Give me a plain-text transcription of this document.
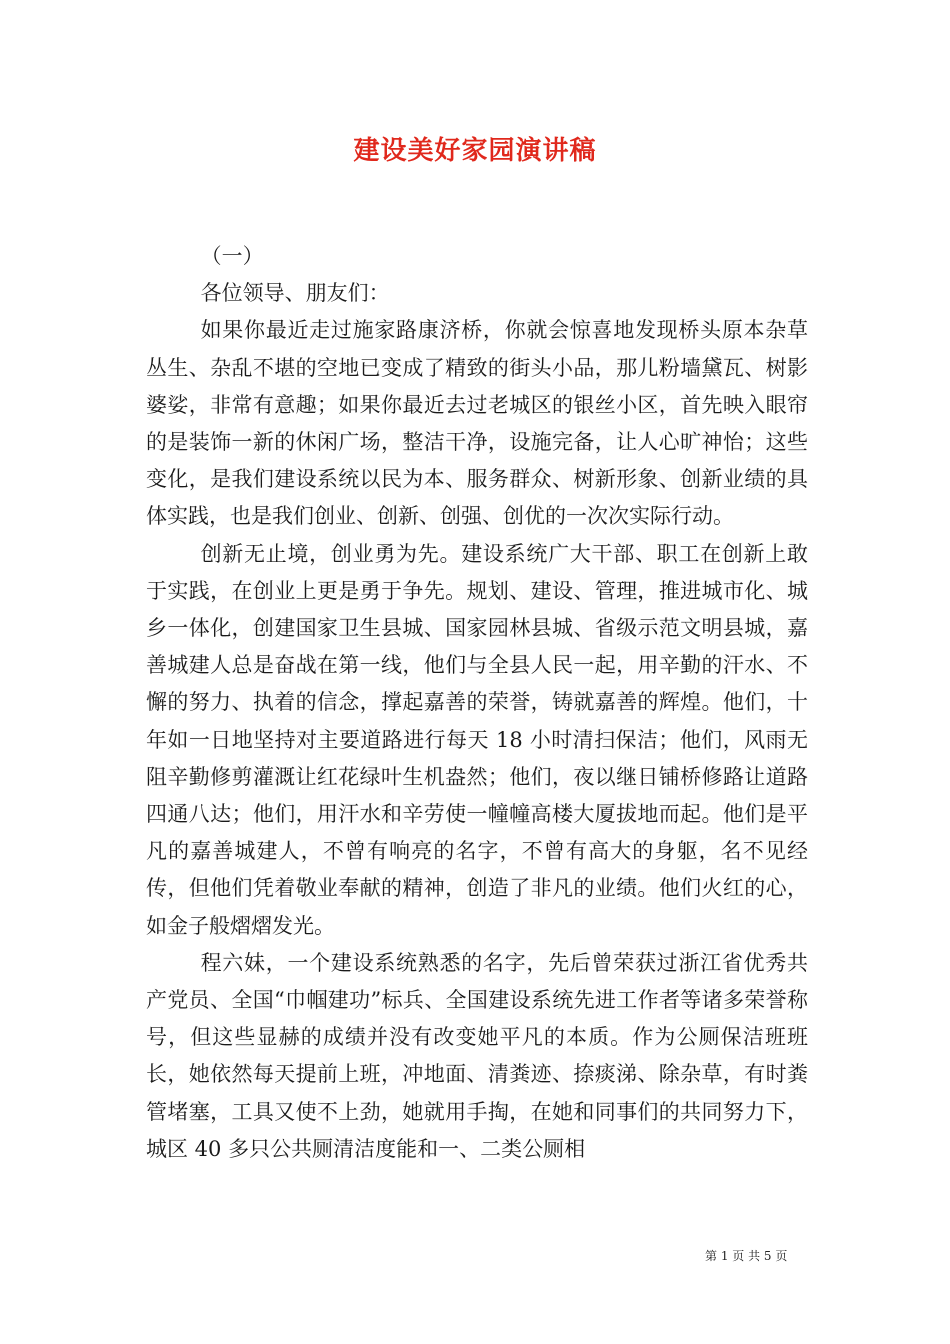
建设美好家园演讲稿

（一）

各位领导、朋友们：

如果你最近走过施家路康济桥，你就会惊喜地发现桥头原本杂草丛生、杂乱不堪的空地已变成了精致的街头小品，那儿粉墙黛瓦、树影婆娑，非常有意趣；如果你最近去过老城区的银丝小区，首先映入眼帘的是装饰一新的休闲广场，整洁干净，设施完备，让人心旷神怡；这些变化，是我们建设系统以民为本、服务群众、树新形象、创新业绩的具体实践，也是我们创业、创新、创强、创优的一次次实际行动。

创新无止境，创业勇为先。建设系统广大干部、职工在创新上敢于实践，在创业上更是勇于争先。规划、建设、管理，推进城市化、城乡一体化，创建国家卫生县城、国家园林县城、省级示范文明县城，嘉善城建人总是奋战在第一线，他们与全县人民一起，用辛勤的汗水、不懈的努力、执着的信念，撑起嘉善的荣誉，铸就嘉善的辉煌。他们，十年如一日地坚持对主要道路进行每天 18 小时清扫保洁；他们，风雨无阻辛勤修剪灌溉让红花绿叶生机盎然；他们，夜以继日铺桥修路让道路四通八达；他们，用汗水和辛劳使一幢幢高楼大厦拔地而起。他们是平凡的嘉善城建人，不曾有响亮的名字，不曾有高大的身躯，名不见经传，但他们凭着敬业奉献的精神，创造了非凡的业绩。他们火红的心，如金子般熠熠发光。

程六妹，一个建设系统熟悉的名字，先后曾荣获过浙江省优秀共产党员、全国“巾帼建功”标兵、全国建设系统先进工作者等诸多荣誉称号，但这些显赫的成绩并没有改变她平凡的本质。作为公厕保洁班班长，她依然每天提前上班，冲地面、清粪迹、捺痰涕、除杂草，有时粪管堵塞，工具又使不上劲，她就用手掏，在她和同事们的共同努力下，城区 40 多只公共厕清洁度能和一、二类公厕相

第 1 页 共 5 页
